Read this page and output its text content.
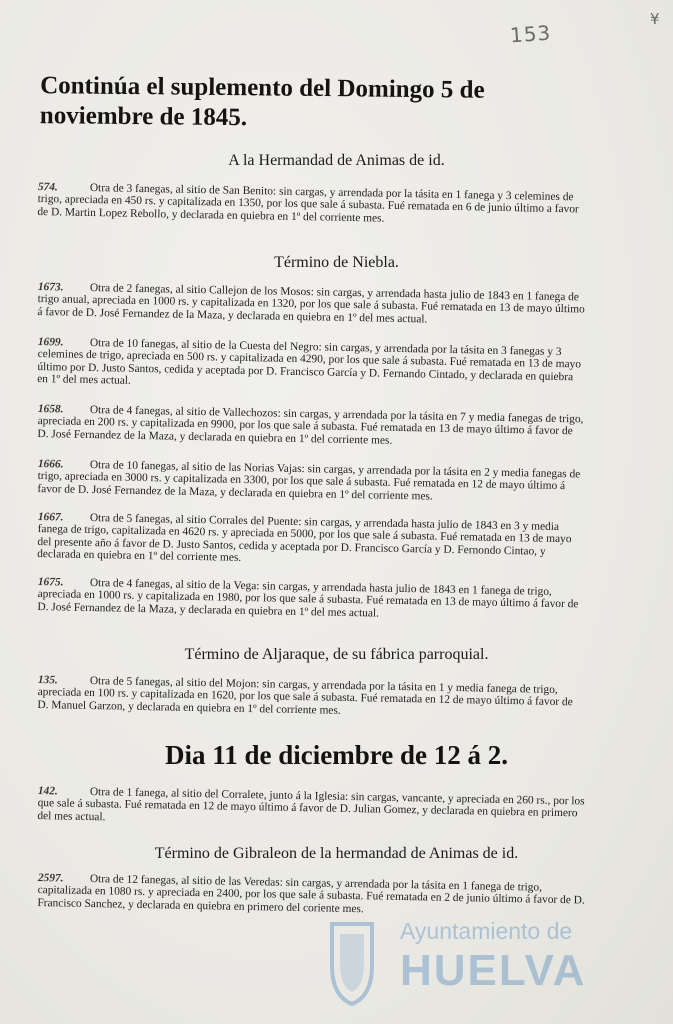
153
¥
Continúa el suplemento del Domingo 5 de noviembre de 1845.
A la Hermandad de Animas de id.
574.	Otra de 3 fanegas, al sitio de San Benito: sin cargas, y arrendada por la tásita en 1 fanega y 3 celemines de trigo, apreciada en 450 rs. y capitalizada en 1350, por los que sale á subasta. Fué rematada en 6 de junio último a favor de D. Martin Lopez Rebollo, y declarada en quiebra en 1º del corriente mes.
Término de Niebla.
1673. Otra de 2 fanegas, al sitio Callejon de los Mosos: sin cargas, y arrendada hasta julio de 1843 en 1 fanega de trigo anual, apreciada en 1000 rs. y capitalizada en 1320, por los que sale á subasta. Fué rematada en 13 de mayo último á favor de D. José Fernandez de la Maza, y declarada en quiebra en 1º del mes actual.
1699. Otra de 10 fanegas, al sitio de la Cuesta del Negro: sin cargas, y arrendada por la tásita en 3 fanegas y 3 celemines de trigo, apreciada en 500 rs. y capitalizada en 4290, por los que sale á subasta. Fué rematada en 13 de mayo último por D. Justo Santos, cedida y aceptada por D. Francisco García y D. Fernando Cintado, y declarada en quiebra en 1º del mes actual.
1658. Otra de 4 fanegas, al sitio de Vallechozos: sin cargas, y arrendada por la tásita en 7 y media fanegas de trigo, apreciada en 200 rs. y capitalizada en 9900, por los que sale á subasta. Fué rematada en 13 de mayo último á favor de D. José Fernandez de la Maza, y declarada en quiebra en 1º del corriente mes.
1666. Otra de 10 fanegas, al sitio de las Norias Vajas: sin cargas, y arrendada por la tásita en 2 y media fanegas de trigo, apreciada en 3000 rs. y capitalizada en 3300, por los que sale á subasta. Fué rematada en 12 de mayo último á favor de D. José Fernandez de la Maza, y declarada en quiebra en 1º del corriente mes.
1667. Otra de 5 fanegas, al sitio Corrales del Puente: sin cargas, y arrendada hasta julio de 1843 en 3 y media fanega de trigo, capitalizada en 4620 rs. y apreciada en 5000, por los que sale á subasta. Fué rematada en 13 de mayo del presente año á favor de D. Justo Santos, cedida y aceptada por D. Francisco García y D. Fernondo Cintao, y declarada en quiebra en 1º del corriente mes.
1675. Otra de 4 fanegas, al sitio de la Vega: sin cargas, y arrendada hasta julio de 1843 en 1 fanega de trigo, apreciada en 1000 rs. y capitalizada en 1980, por los que sale á subasta. Fué rematada en 13 de mayo último á favor de D. José Fernandez de la Maza, y declarada en quiebra en 1º del mes actual.
Término de Aljaraque, de su fábrica parroquial.
135.	Otra de 5 fanegas, al sitio del Mojon: sin cargas, y arrendada por la tásita en 1 y media fanega de trigo, apreciada en 100 rs. y capitalizada en 1620, por los que sale á subasta. Fué rematada en 12 de mayo último á favor de D. Manuel Garzon, y declarada en quiebra en 1º del corriente mes.
Dia 11 de diciembre de 12 á 2.
142.	Otra de 1 fanega, al sitio del Corralete, junto á la Iglesia: sin cargas, vancante, y apreciada en 260 rs., por los que sale á subasta. Fué rematada en 12 de mayo último á favor de D. Julian Gomez, y declarada en quiebra en primero del mes actual.
Término de Gibraleon de la hermandad de Animas de id.
2597. Otra de 12 fanegas, al sitio de las Veredas: sin cargas, y arrendada por la tásita en 1 fanega de trigo, capitalizada en 1080 rs. y apreciada en 2400, por los que sale á subasta. Fué rematada en 2 de junio último á favor de D. Francisco Sanchez, y declarada en quiebra en primero del coriente mes.
Ayuntamiento de
HUELVA
